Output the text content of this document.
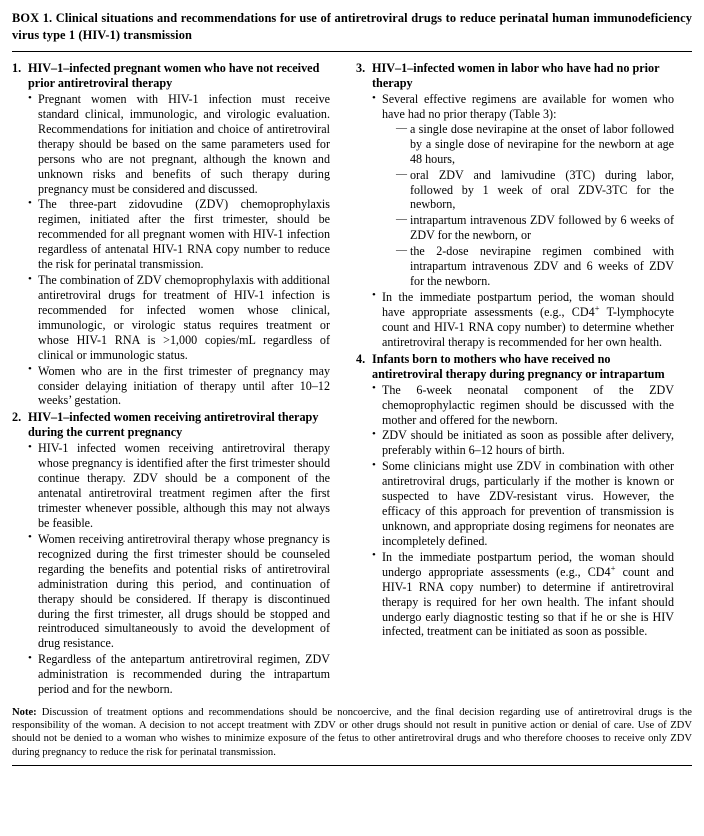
BOX 1. Clinical situations and recommendations for use of antiretroviral drugs to reduce perinatal human immunodeficiency virus type 1 (HIV-1) transmission
1. HIV–1–infected pregnant women who have not received prior antiretroviral therapy
• Pregnant women with HIV-1 infection must receive standard clinical, immunologic, and virologic evaluation. Recommendations for initiation and choice of antiretroviral therapy should be based on the same parameters used for persons who are not pregnant, although the known and unknown risks and benefits of such therapy during pregnancy must be considered and discussed.
• The three-part zidovudine (ZDV) chemoprophylaxis regimen, initiated after the first trimester, should be recommended for all pregnant women with HIV-1 infection regardless of antenatal HIV-1 RNA copy number to reduce the risk for perinatal transmission.
• The combination of ZDV chemoprophylaxis with additional antiretroviral drugs for treatment of HIV-1 infection is recommended for infected women whose clinical, immunologic, or virologic status requires treatment or whose HIV-1 RNA is >1,000 copies/mL regardless of clinical or immunologic status.
• Women who are in the first trimester of pregnancy may consider delaying initiation of therapy until after 10–12 weeks’ gestation.
2. HIV–1–infected women receiving antiretroviral therapy during the current pregnancy
• HIV-1 infected women receiving antiretroviral therapy whose pregnancy is identified after the first trimester should continue therapy. ZDV should be a component of the antenatal antiretroviral treatment regimen after the first trimester whenever possible, although this may not always be feasible.
• Women receiving antiretroviral therapy whose pregnancy is recognized during the first trimester should be counseled regarding the benefits and potential risks of antiretroviral administration during this period, and continuation of therapy should be considered. If therapy is discontinued during the first trimester, all drugs should be stopped and reintroduced simultaneously to avoid the development of drug resistance.
• Regardless of the antepartum antiretroviral regimen, ZDV administration is recommended during the intrapartum period and for the newborn.
3. HIV–1–infected women in labor who have had no prior therapy
• Several effective regimens are available for women who have had no prior therapy (Table 3):
— a single dose nevirapine at the onset of labor followed by a single dose of nevirapine for the newborn at age 48 hours,
— oral ZDV and lamivudine (3TC) during labor, followed by 1 week of oral ZDV-3TC for the newborn,
— intrapartum intravenous ZDV followed by 6 weeks of ZDV for the newborn, or
— the 2-dose nevirapine regimen combined with intrapartum intravenous ZDV and 6 weeks of ZDV for the newborn.
• In the immediate postpartum period, the woman should have appropriate assessments (e.g., CD4+ T-lymphocyte count and HIV-1 RNA copy number) to determine whether antiretroviral therapy is recommended for her own health.
4. Infants born to mothers who have received no antiretroviral therapy during pregnancy or intrapartum
• The 6-week neonatal component of the ZDV chemoprophylactic regimen should be discussed with the mother and offered for the newborn.
• ZDV should be initiated as soon as possible after delivery, preferably within 6–12 hours of birth.
• Some clinicians might use ZDV in combination with other antiretroviral drugs, particularly if the mother is known or suspected to have ZDV-resistant virus. However, the efficacy of this approach for prevention of transmission is unknown, and appropriate dosing regimens for neonates are incompletely defined.
• In the immediate postpartum period, the woman should undergo appropriate assessments (e.g., CD4+ count and HIV-1 RNA copy number) to determine if antiretroviral therapy is required for her own health. The infant should undergo early diagnostic testing so that if he or she is HIV infected, treatment can be initiated as soon as possible.
Note: Discussion of treatment options and recommendations should be noncoercive, and the final decision regarding use of antiretroviral drugs is the responsibility of the woman. A decision to not accept treatment with ZDV or other drugs should not result in punitive action or denial of care. Use of ZDV should not be denied to a woman who wishes to minimize exposure of the fetus to other antiretroviral drugs and who therefore chooses to receive only ZDV during pregnancy to reduce the risk for perinatal transmission.
